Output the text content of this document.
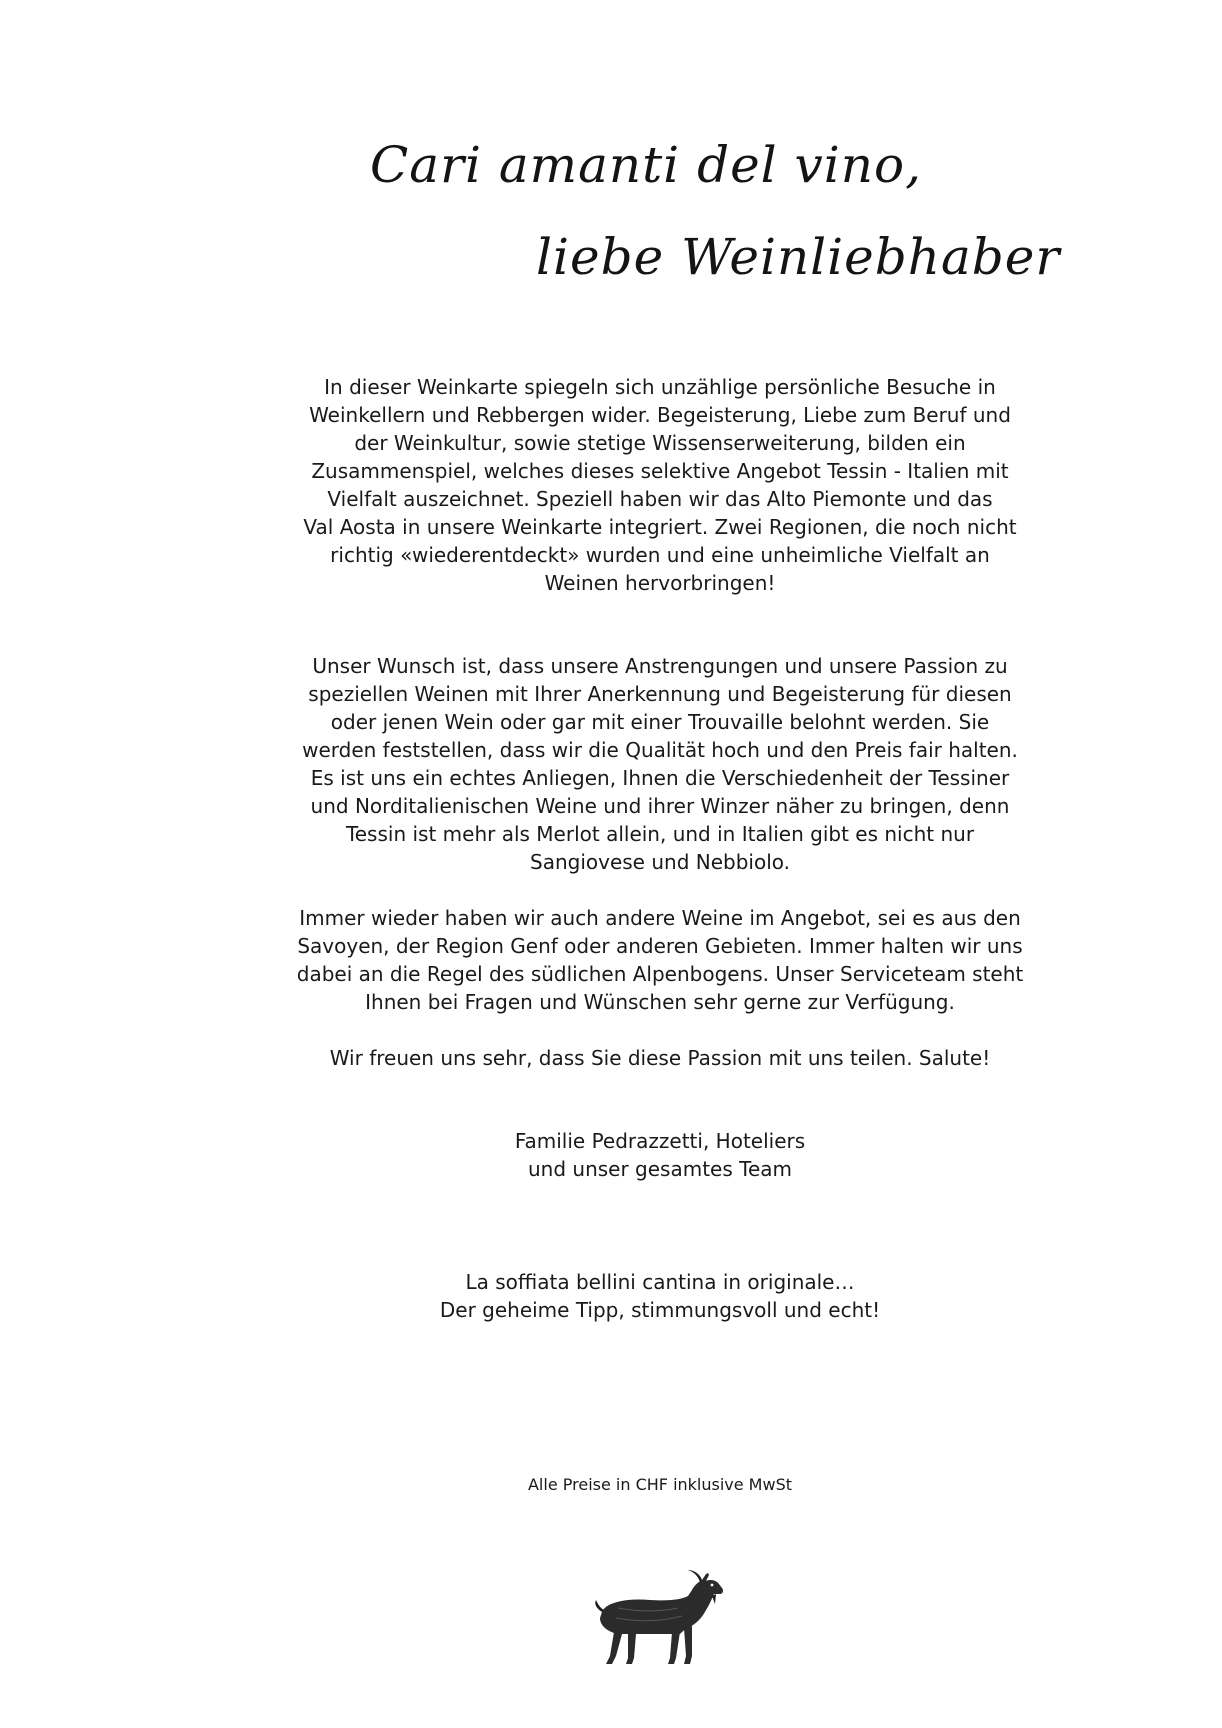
Cari amanti del vino,
liebe Weinliebhaber

In dieser Weinkarte spiegeln sich unzählige persönliche Besuche in

Weinkellern und Rebbergen wider. Begeisterung, Liebe zum Beruf und

der Weinkultur, sowie stetige Wissenserweiterung, bilden ein

Zusammenspiel, welches dieses selektive Angebot Tessin - Italien mit

Vielfalt auszeichnet. Speziell haben wir das Alto Piemonte und das

Val Aosta in unsere Weinkarte integriert. Zwei Regionen, die noch nicht

richtig «wiederentdeckt» wurden und eine unheimliche Vielfalt an

Weinen hervorbringen!

Unser Wunsch ist, dass unsere Anstrengungen und unsere Passion zu

speziellen Weinen mit Ihrer Anerkennung und Begeisterung für diesen

oder jenen Wein oder gar mit einer Trouvaille belohnt werden. Sie

werden feststellen, dass wir die Qualität hoch und den Preis fair halten.

Es ist uns ein echtes Anliegen, Ihnen die Verschiedenheit der Tessiner

und Norditalienischen Weine und ihrer Winzer näher zu bringen, denn

Tessin ist mehr als Merlot allein, und in Italien gibt es nicht nur

Sangiovese und Nebbiolo.

Immer wieder haben wir auch andere Weine im Angebot, sei es aus den

Savoyen, der Region Genf oder anderen Gebieten. Immer halten wir uns

dabei an die Regel des südlichen Alpenbogens. Unser Serviceteam steht

Ihnen bei Fragen und Wünschen sehr gerne zur Verfügung.

Wir freuen uns sehr, dass Sie diese Passion mit uns teilen. Salute!

Familie Pedrazzetti, Hoteliers

und unser gesamtes Team

La soffiata bellini cantina in originale…

Der geheime Tipp, stimmungsvoll und echt!

Alle Preise in CHF inklusive MwSt
